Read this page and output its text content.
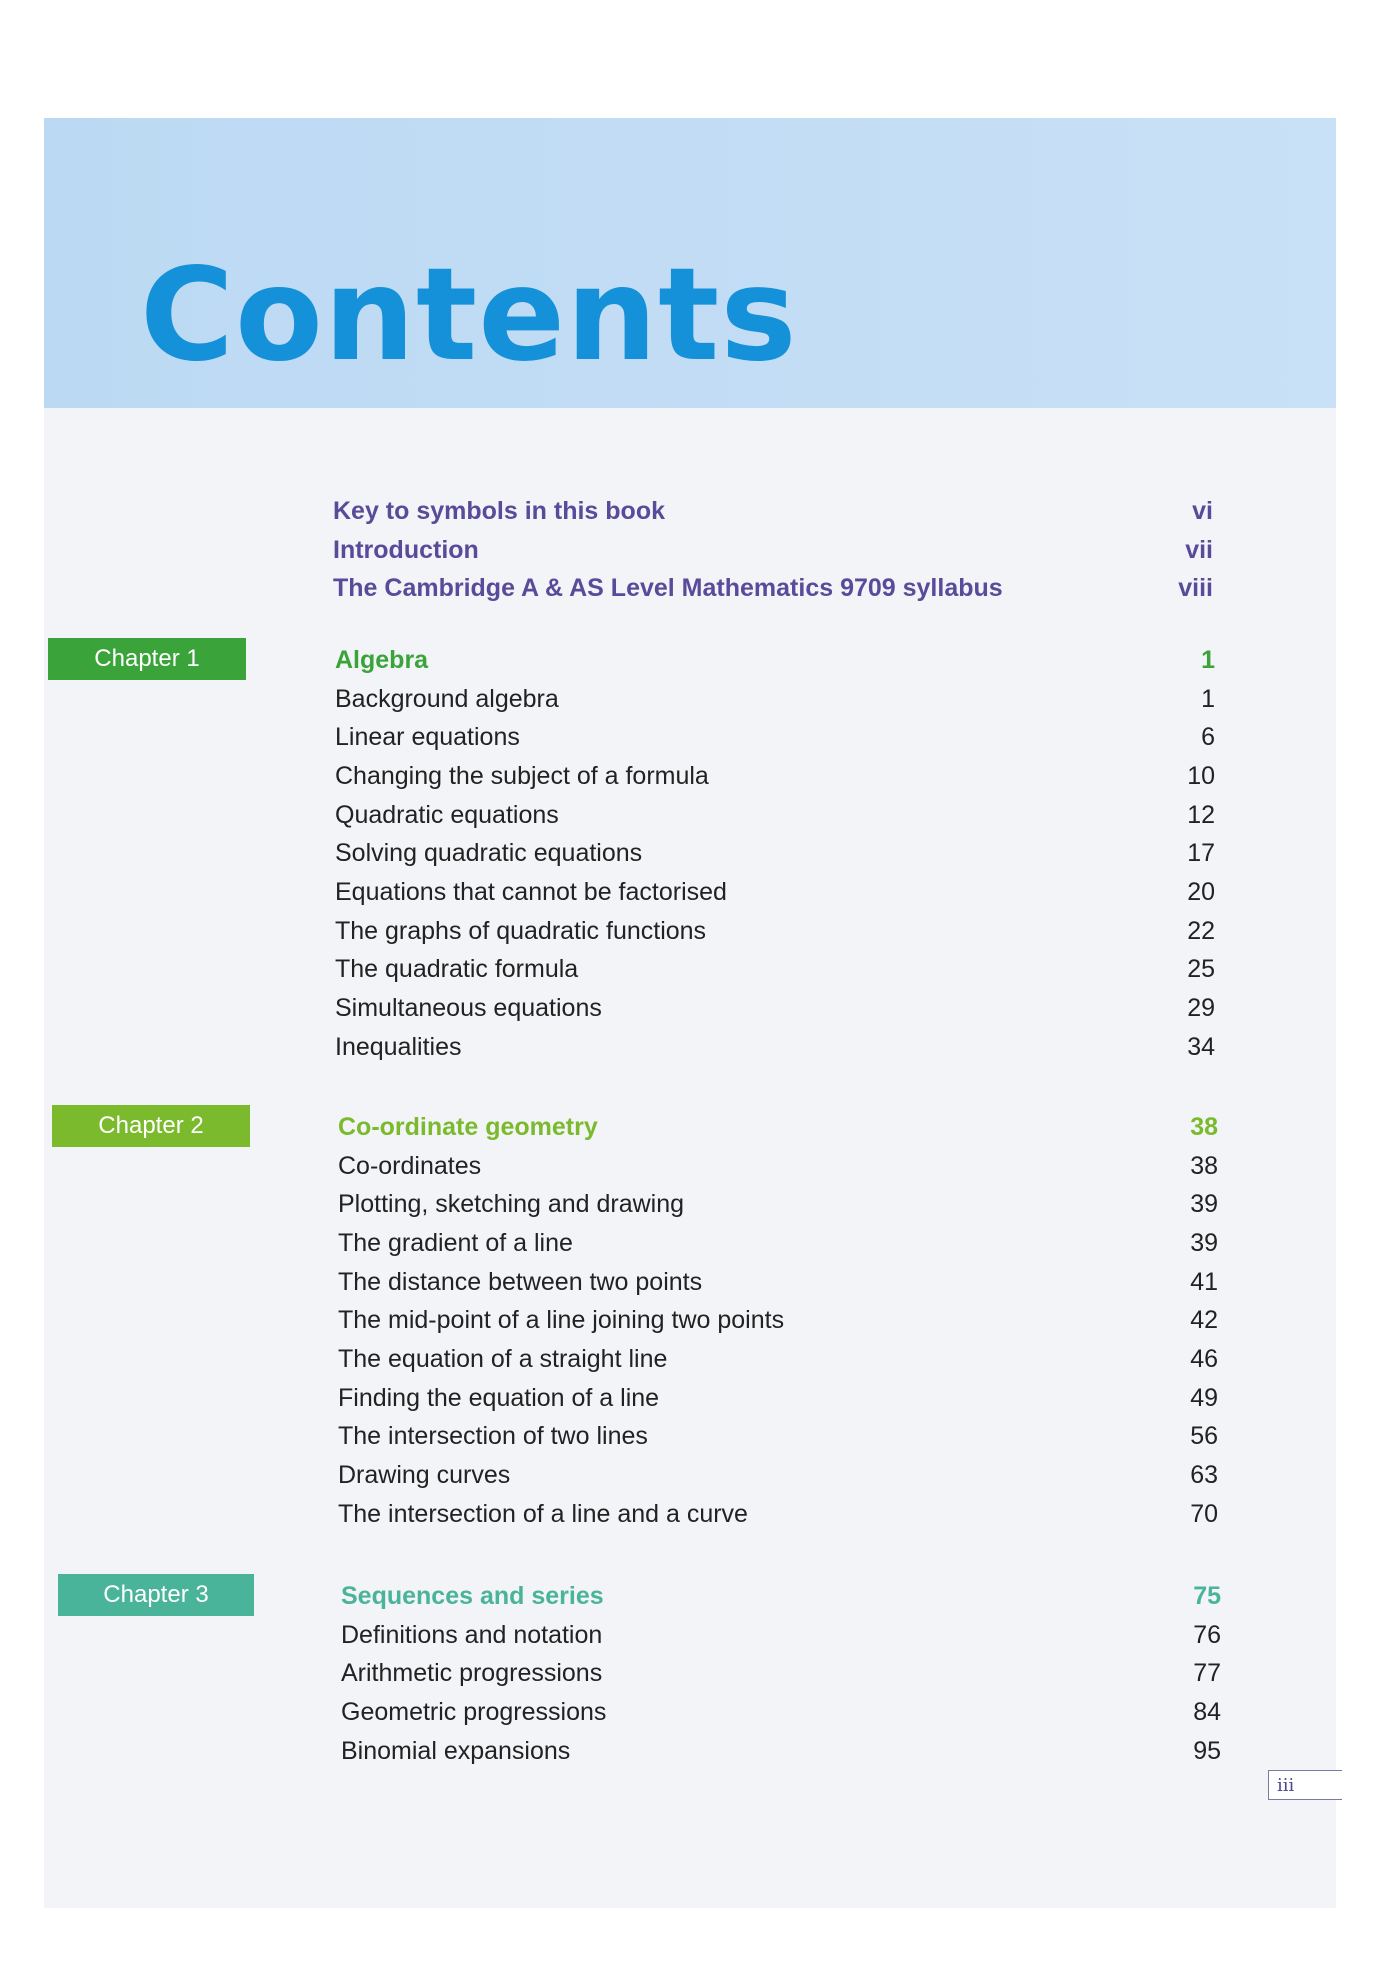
Contents
Key to symbols in this book	vi
Introduction	vii
The Cambridge A & AS Level Mathematics 9709 syllabus	viii
Chapter 1	Algebra	1
Background algebra	1
Linear equations	6
Changing the subject of a formula	10
Quadratic equations	12
Solving quadratic equations	17
Equations that cannot be factorised	20
The graphs of quadratic functions	22
The quadratic formula	25
Simultaneous equations	29
Inequalities	34
Chapter 2	Co-ordinate geometry	38
Co-ordinates	38
Plotting, sketching and drawing	39
The gradient of a line	39
The distance between two points	41
The mid-point of a line joining two points	42
The equation of a straight line	46
Finding the equation of a line	49
The intersection of two lines	56
Drawing curves	63
The intersection of a line and a curve	70
Chapter 3	Sequences and series	75
Definitions and notation	76
Arithmetic progressions	77
Geometric progressions	84
Binomial expansions	95
iii
